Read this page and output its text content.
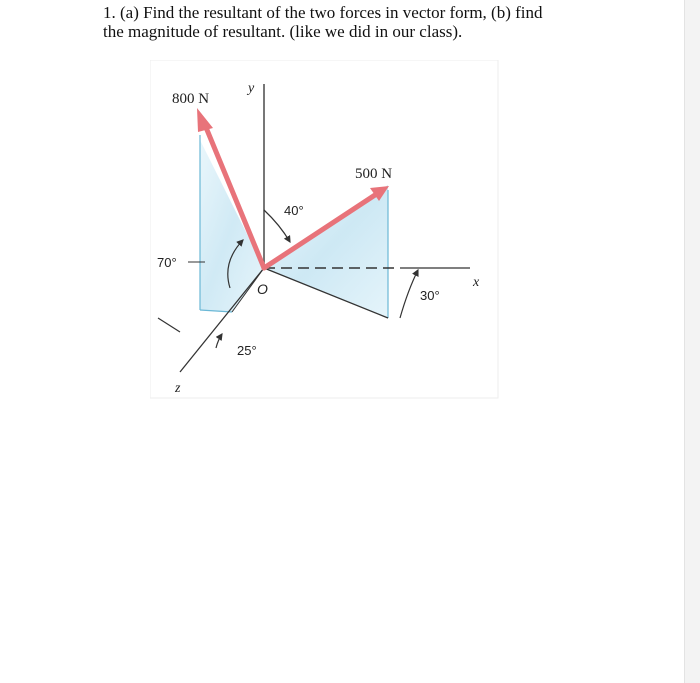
1. (a) Find the resultant of the two forces in vector form, (b) find
the magnitude of resultant. (like we did in our class).
800 N
500 N
y
x
z
O
40°
70°
25°
30°
